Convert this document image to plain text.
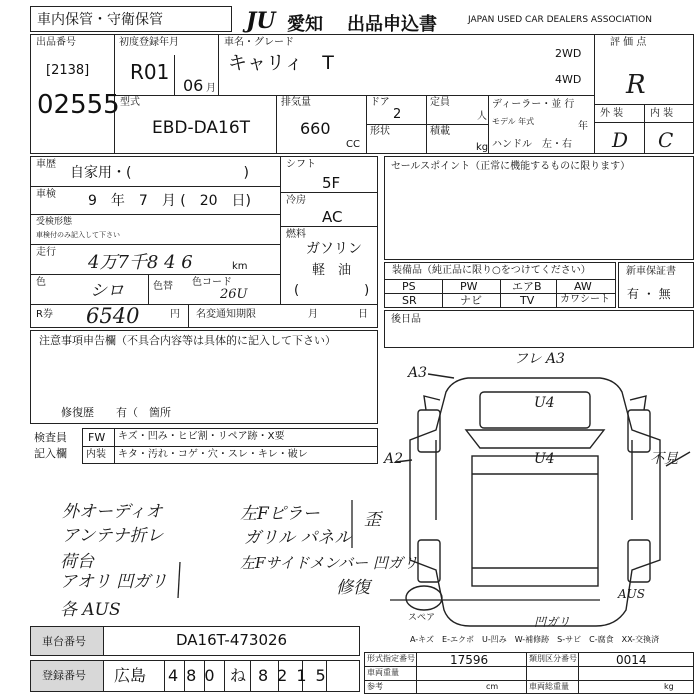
車内保管・守衛保管	JU 愛知 出品申込書	JAPAN USED CAR DEALERS ASSOCIATION
出品番号
[2138]
02555
初度登録年月
R01
06 月
車名・グレード
キャリィ　T	2WD
4WD
型式
EBD-DA16T
排気量
660
CC
ドア
2
形状
定員
人
積載
kg
ディーラー・並 行
モデル 年式	年
ハンドル　左・右
評 価 点
R
外 装	内 装
D C
車歴
自家用・(　　　　　　　　)
車検 9　年　7　月 (　20　日)
受検形態
車検付のみ記入して下さい
走行 4万7千8 4 6	km
色	シロ	色替 色コード
26U
R券 6540	円 名変通知期限	月	日
シフト
5F
冷房
AC
燃料
ガソリン
軽　油
(　　　　　)
セールスポイント（正常に機能するものに限ります）
装備品（純正品に限り○をつけてください）
PS	PW	エアB	AW
SR	ナビ	TV	カワシート
新車保証書
有 ・ 無
後日品
注意事項申告欄（不具合内容等は具体的に記入して下さい）
修復歴　　有（　箇所
検査員
記入欄
FW キズ・凹み・ヒビ割・リペア跡・X要
内装 キタ・汚れ・コゲ・穴・スレ・キレ・破レ
外オーディオ
アンテナ折レ
荷台
アオリ 凹ガリ
各 AUS
左Fピラー
ガリル パネル
左Fサイドメンバー 凹ガリ
修復
歪
フレ A3
A3
U4
A2	U4	不見
スペア	凹ガリ
AUS
A-キズ　E-エクボ　U-凹み　W-補修跡　S-サビ　C-腐食　XX-交換済
車台番号	DA16T-473026
登録番号 広島 480 ね 8215
形式指定番号	17596	類別区分番号	0014
車両重量
参考	cm	車両総重量	kg
